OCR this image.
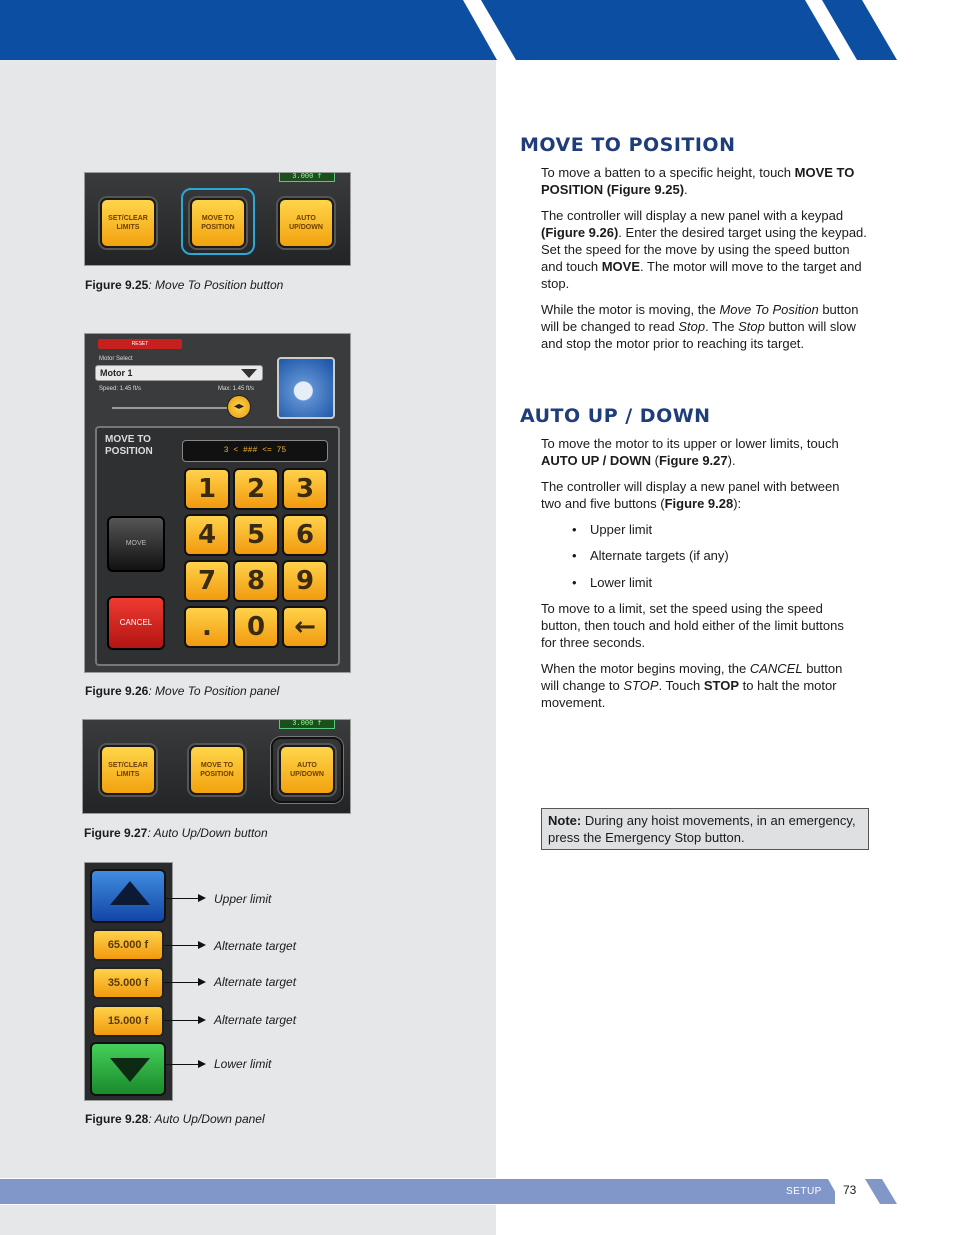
SETUP 73
3.000 f
SET/CLEAR LIMITS
MOVE TO POSITION
AUTO UP/DOWN
Figure 9.25: Move To Position button
RESET
Motor Select
Motor 1
Speed: 1.45 ft/s	Max: 1.45 ft/s
◂▸
MOVE TO POSITION	3 < ### <= 75
MOVE
CANCEL
1	2	3
4	5	6
7	8	9
.	0	←
Figure 9.26: Move To Position panel
3.000 f
SET/CLEAR LIMITS
MOVE TO POSITION
AUTO UP/DOWN
Figure 9.27: Auto Up/Down button
65.000 f
35.000 f
15.000 f
Upper limit
Alternate target
Alternate target
Alternate target
Lower limit
Figure 9.28: Auto Up/Down panel
MOVE TO POSITION
To move a batten to a specific height, touch MOVE TO POSITION (Figure 9.25).
The controller will display a new panel with a keypad (Figure 9.26). Enter the desired target using the keypad. Set the speed for the move by using the speed button and touch MOVE. The motor will move to the target and stop.
While the motor is moving, the Move To Position button will be changed to read Stop. The Stop button will slow and stop the motor prior to reaching its target.
AUTO UP / DOWN
To move the motor to its upper or lower limits, touch AUTO UP / DOWN (Figure 9.27).
The controller will display a new panel with between two and five buttons (Figure 9.28):
• Upper limit
• Alternate targets (if any)
• Lower limit
To move to a limit, set the speed using the speed button, then touch and hold either of the limit buttons for three seconds.
When the motor begins moving, the CANCEL button will change to STOP. Touch STOP to halt the motor movement.
Note: During any hoist movements, in an emergency, press the Emergency Stop button.
